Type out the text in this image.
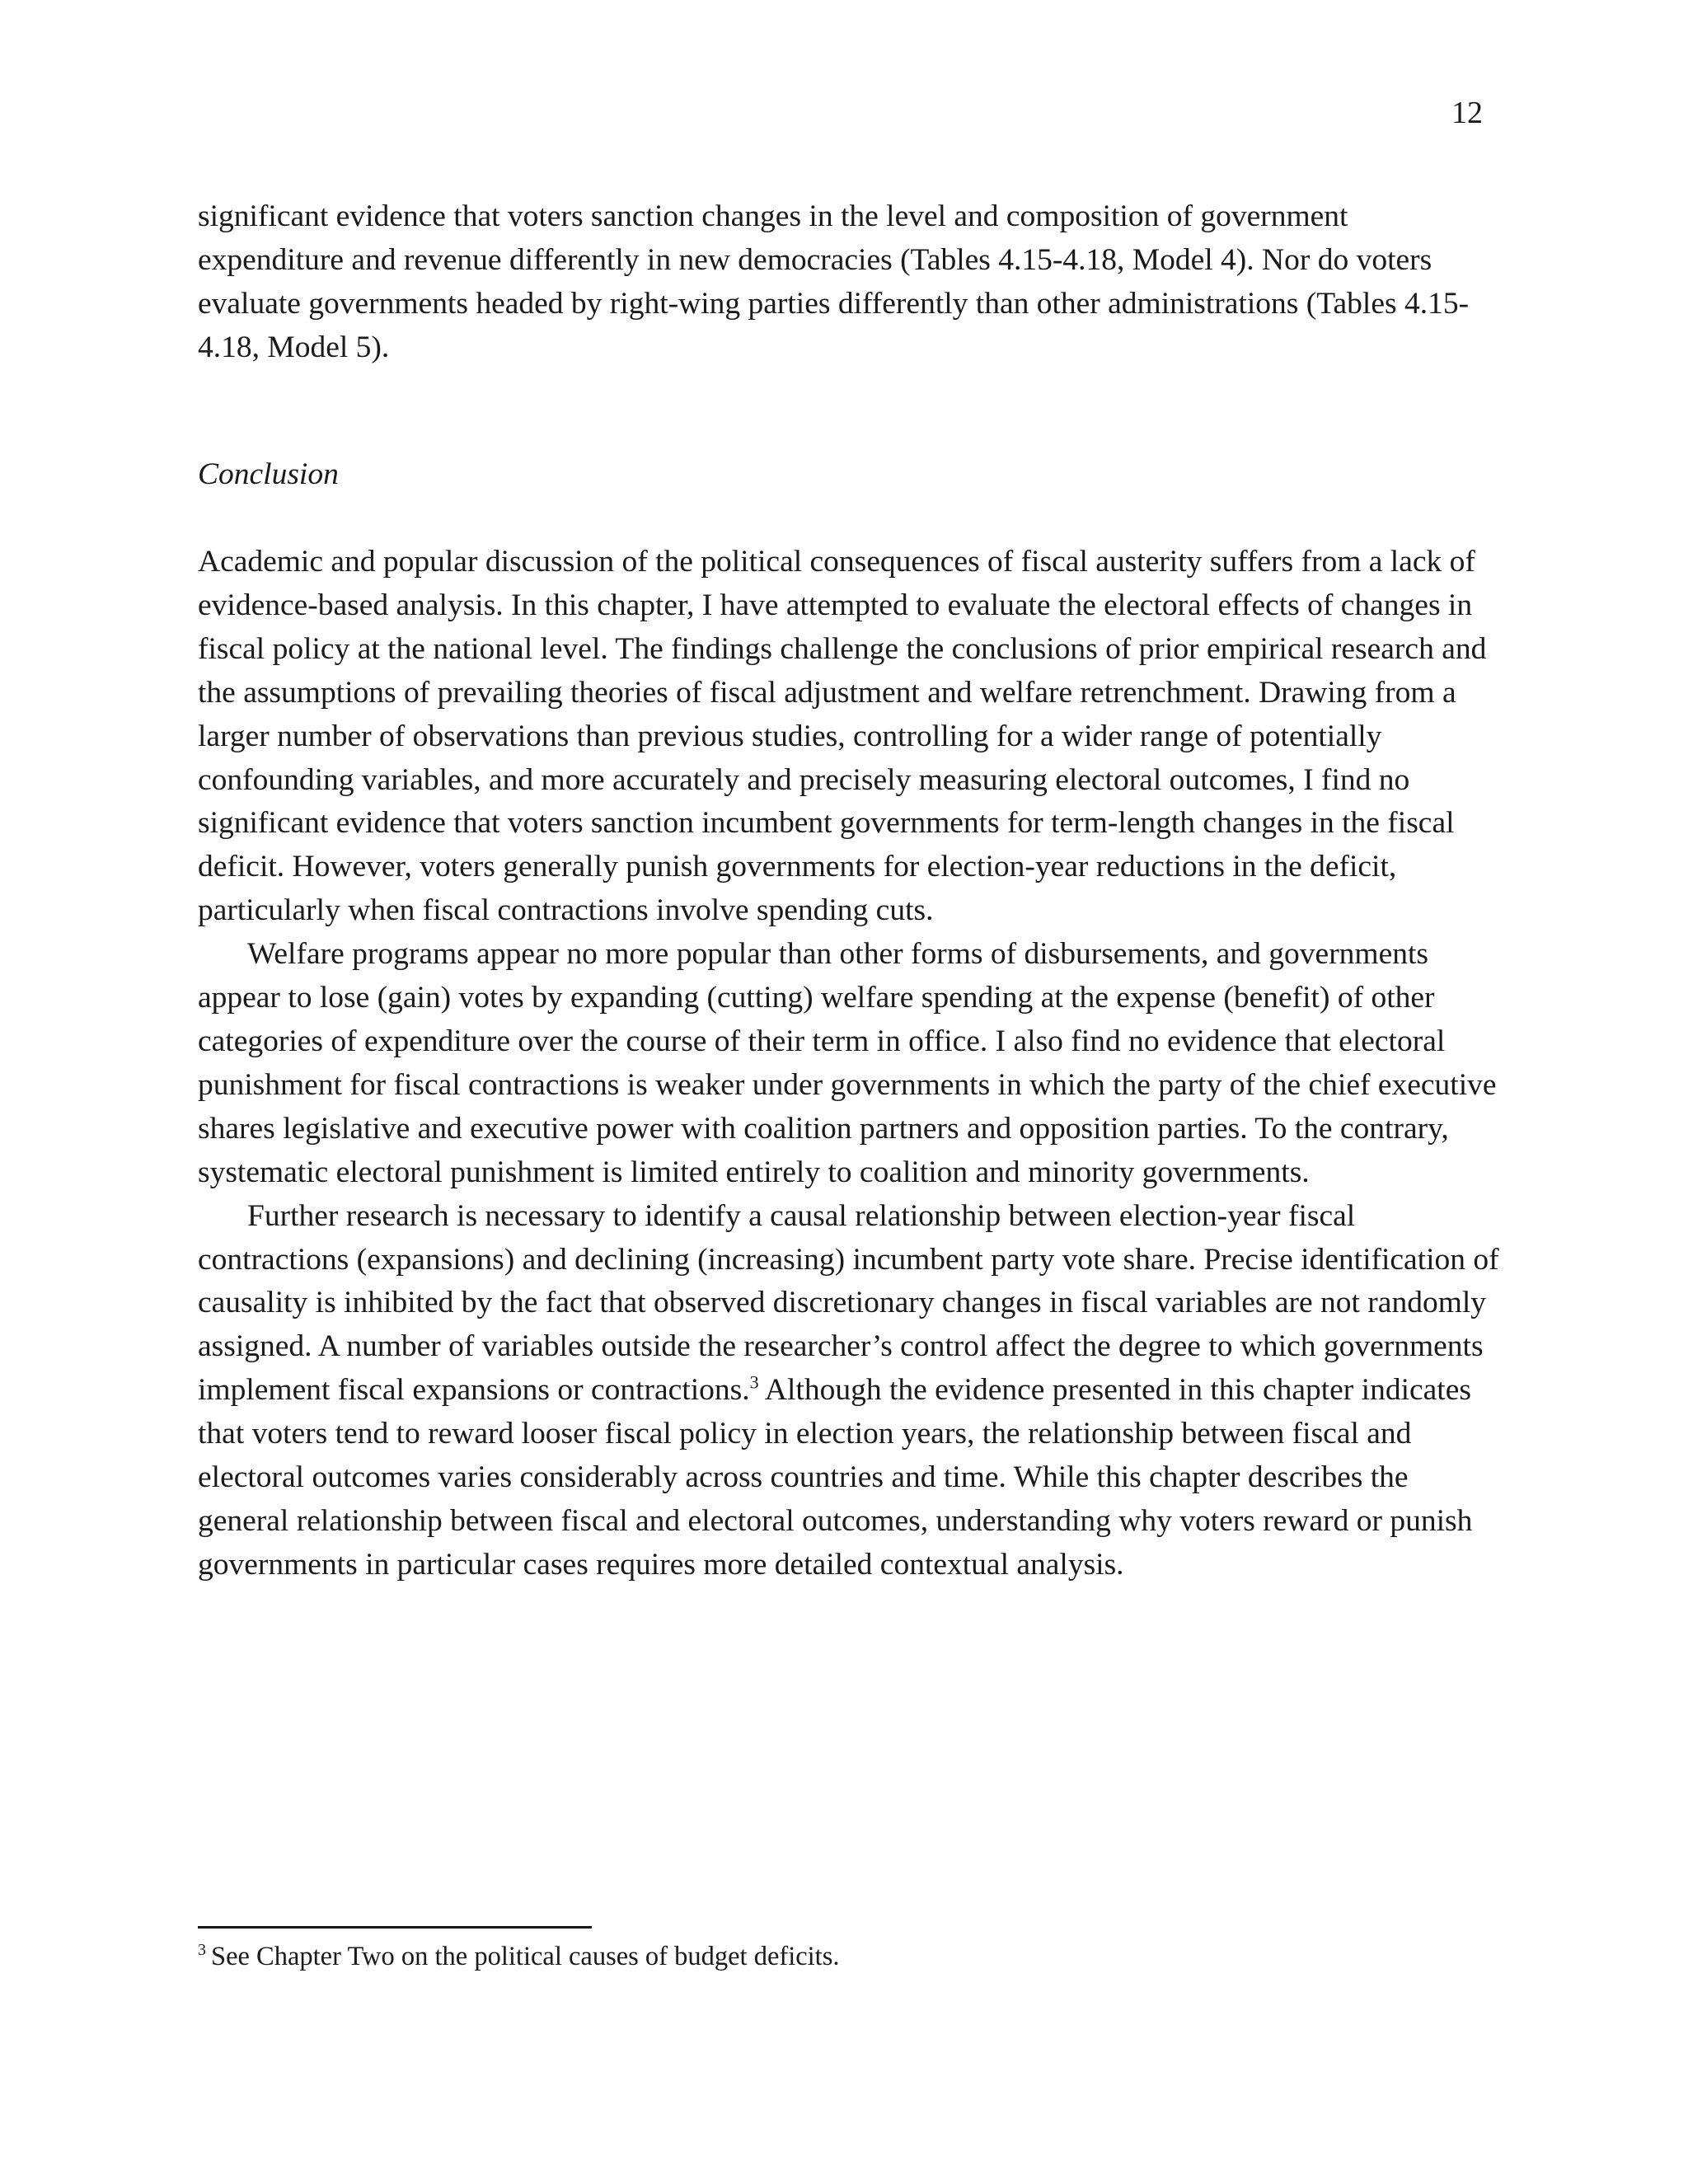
12

significant evidence that voters sanction changes in the level and composition of government expenditure and revenue differently in new democracies (Tables 4.15-4.18, Model 4). Nor do voters evaluate governments headed by right-wing parties differently than other administrations (Tables 4.15-4.18, Model 5).

Conclusion

Academic and popular discussion of the political consequences of fiscal austerity suffers from a lack of evidence-based analysis. In this chapter, I have attempted to evaluate the electoral effects of changes in fiscal policy at the national level. The findings challenge the conclusions of prior empirical research and the assumptions of prevailing theories of fiscal adjustment and welfare retrenchment. Drawing from a larger number of observations than previous studies, controlling for a wider range of potentially confounding variables, and more accurately and precisely measuring electoral outcomes, I find no significant evidence that voters sanction incumbent governments for term-length changes in the fiscal deficit. However, voters generally punish governments for election-year reductions in the deficit, particularly when fiscal contractions involve spending cuts.

Welfare programs appear no more popular than other forms of disbursements, and governments appear to lose (gain) votes by expanding (cutting) welfare spending at the expense (benefit) of other categories of expenditure over the course of their term in office. I also find no evidence that electoral punishment for fiscal contractions is weaker under governments in which the party of the chief executive shares legislative and executive power with coalition partners and opposition parties. To the contrary, systematic electoral punishment is limited entirely to coalition and minority governments.

Further research is necessary to identify a causal relationship between election-year fiscal contractions (expansions) and declining (increasing) incumbent party vote share. Precise identification of causality is inhibited by the fact that observed discretionary changes in fiscal variables are not randomly assigned. A number of variables outside the researcher’s control affect the degree to which governments implement fiscal expansions or contractions.$^3$ Although the evidence presented in this chapter indicates that voters tend to reward looser fiscal policy in election years, the relationship between fiscal and electoral outcomes varies considerably across countries and time. While this chapter describes the general relationship between fiscal and electoral outcomes, understanding why voters reward or punish governments in particular cases requires more detailed contextual analysis.

$^3$ See Chapter Two on the political causes of budget deficits.
